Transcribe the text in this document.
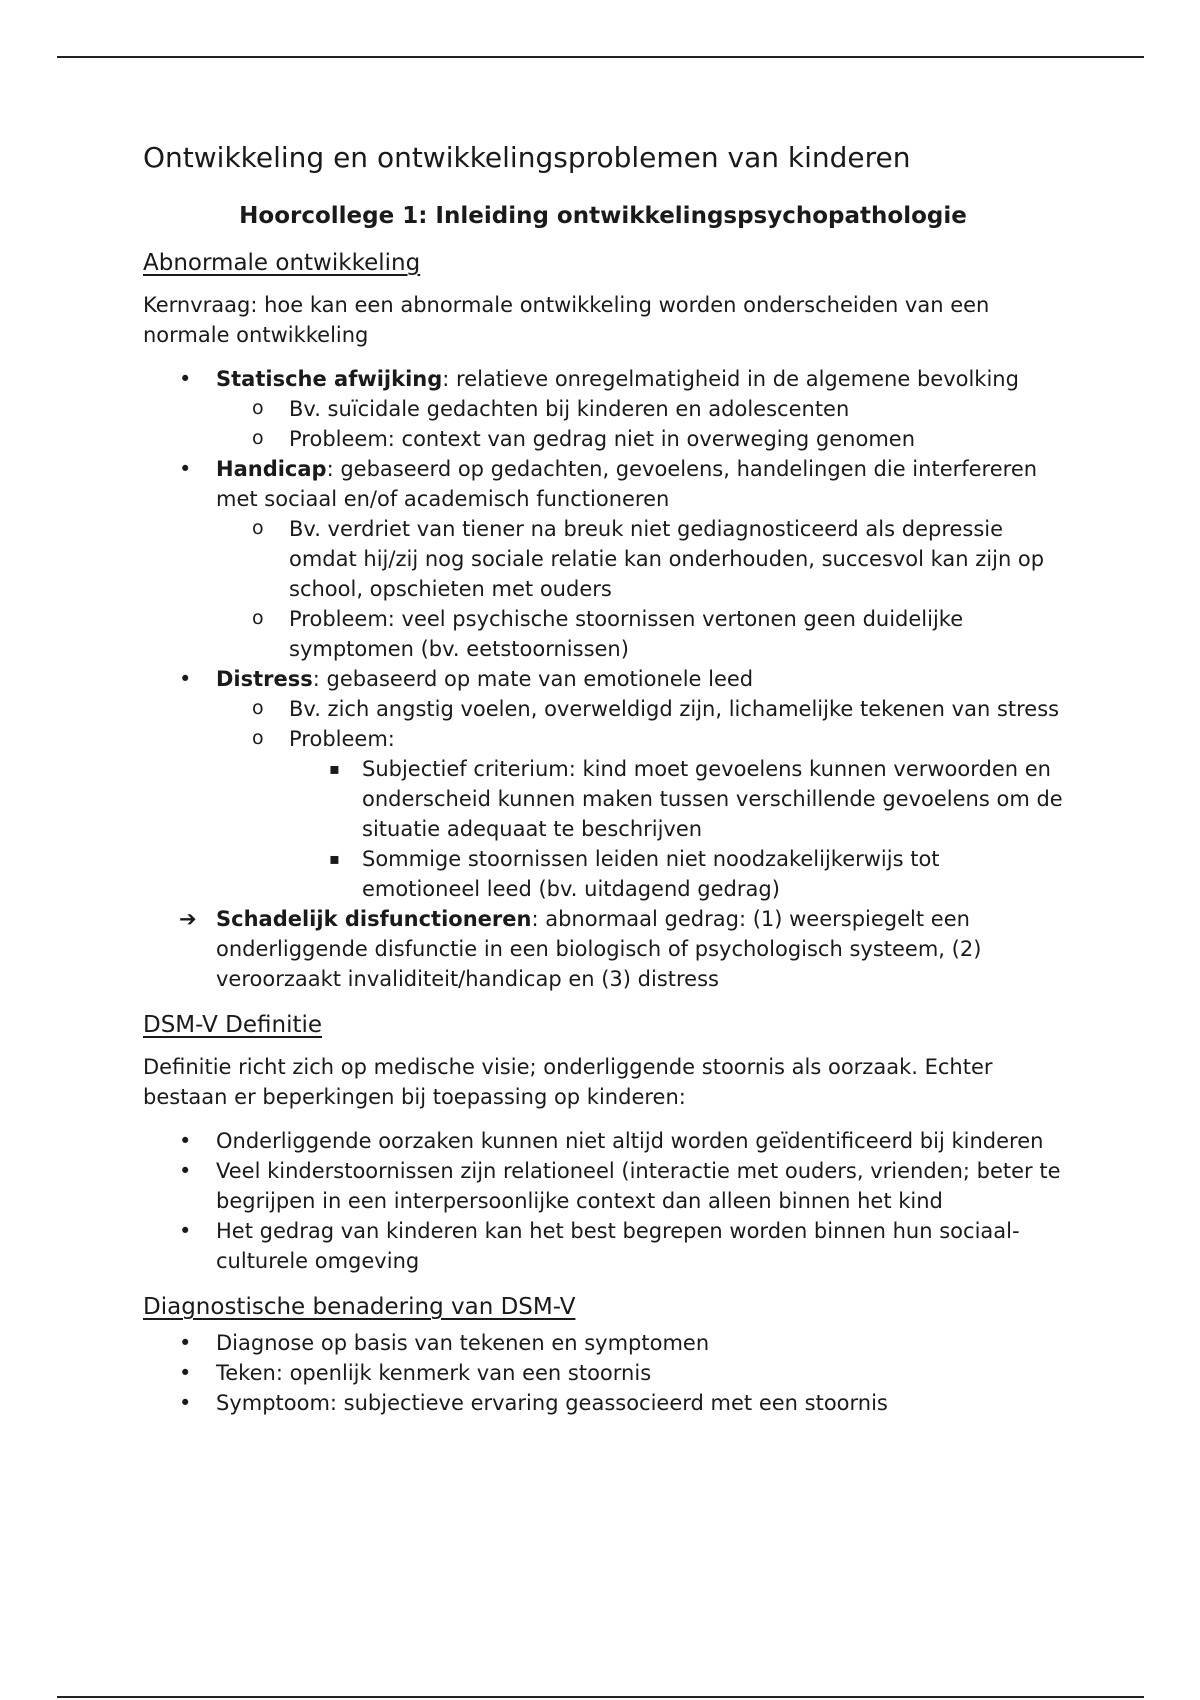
Ontwikkeling en ontwikkelingsproblemen van kinderen
Hoorcollege 1: Inleiding ontwikkelingspsychopathologie
Abnormale ontwikkeling

Kernvraag: hoe kan een abnormale ontwikkeling worden onderscheiden van een normale ontwikkeling

• Statische afwijking: relatieve onregelmatigheid in de algemene bevolking
o Bv. suïcidale gedachten bij kinderen en adolescenten
o Probleem: context van gedrag niet in overweging genomen
• Handicap: gebaseerd op gedachten, gevoelens, handelingen die interfereren met sociaal en/of academisch functioneren
o Bv. verdriet van tiener na breuk niet gediagnosticeerd als depressie omdat hij/zij nog sociale relatie kan onderhouden, succesvol kan zijn op school, opschieten met ouders
o Probleem: veel psychische stoornissen vertonen geen duidelijke symptomen (bv. eetstoornissen)
• Distress: gebaseerd op mate van emotionele leed
o Bv. zich angstig voelen, overweldigd zijn, lichamelijke tekenen van stress
o Probleem:
▪ Subjectief criterium: kind moet gevoelens kunnen verwoorden en onderscheid kunnen maken tussen verschillende gevoelens om de situatie adequaat te beschrijven
▪ Sommige stoornissen leiden niet noodzakelijkerwijs tot emotioneel leed (bv. uitdagend gedrag)
➔ Schadelijk disfunctioneren: abnormaal gedrag: (1) weerspiegelt een onderliggende disfunctie in een biologisch of psychologisch systeem, (2) veroorzaakt invaliditeit/handicap en (3) distress
DSM-V Definitie

Definitie richt zich op medische visie; onderliggende stoornis als oorzaak. Echter bestaan er beperkingen bij toepassing op kinderen:

• Onderliggende oorzaken kunnen niet altijd worden geïdentificeerd bij kinderen
• Veel kinderstoornissen zijn relationeel (interactie met ouders, vrienden; beter te begrijpen in een interpersoonlijke context dan alleen binnen het kind
• Het gedrag van kinderen kan het best begrepen worden binnen hun sociaal-culturele omgeving
Diagnostische benadering van DSM-V
• Diagnose op basis van tekenen en symptomen
• Teken: openlijk kenmerk van een stoornis
• Symptoom: subjectieve ervaring geassocieerd met een stoornis
